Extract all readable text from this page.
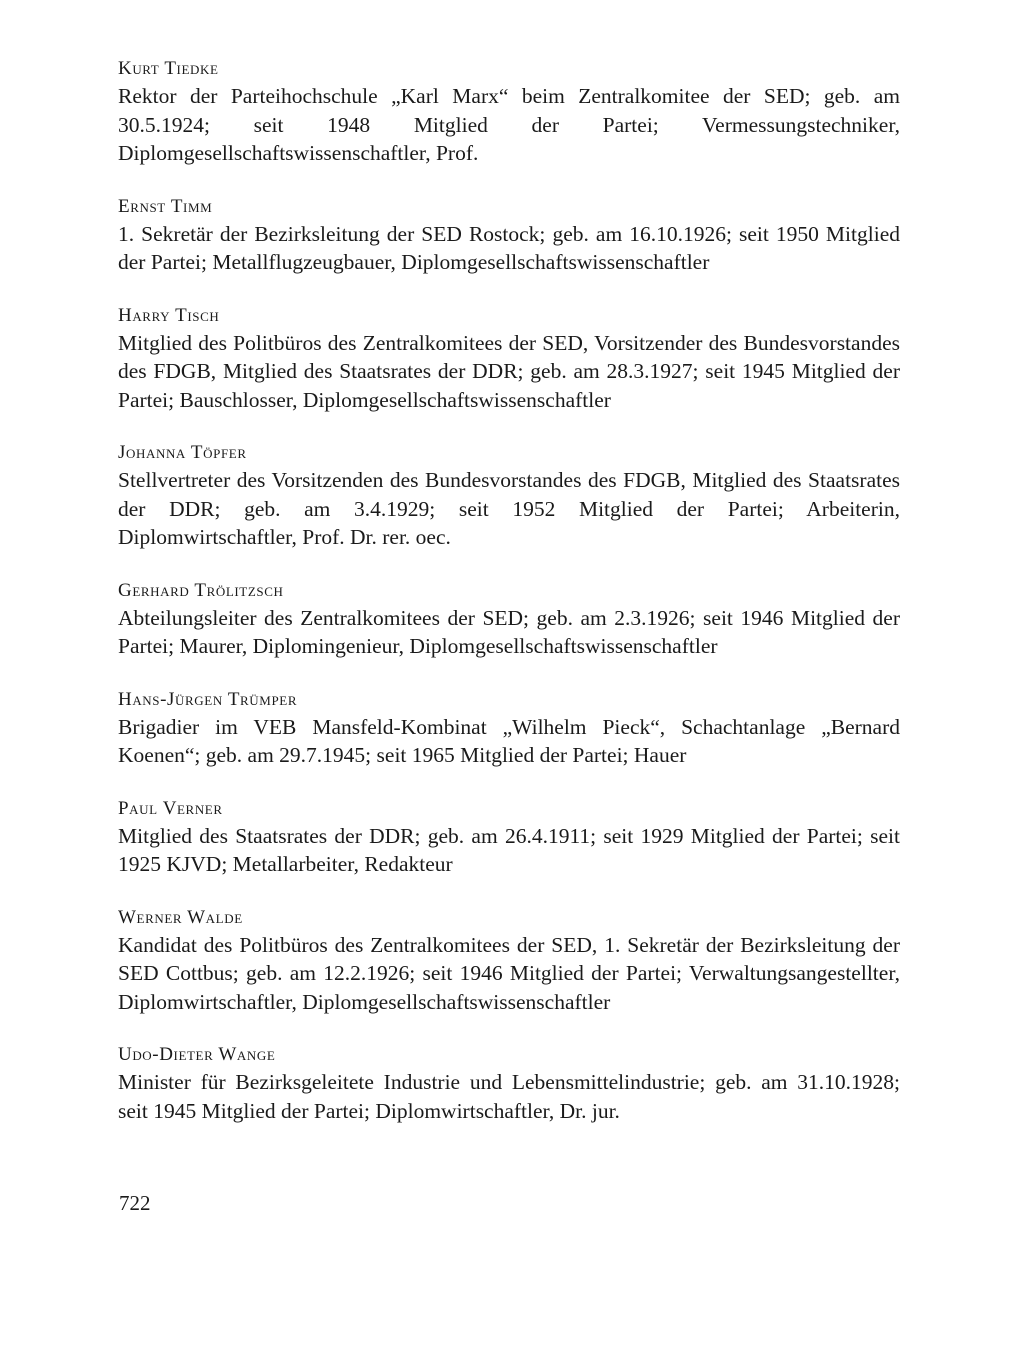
Kurt Tiedke

Rektor der Parteihochschule „Karl Marx“ beim Zentralkomitee der SED; geb. am 30.5.1924; seit 1948 Mitglied der Partei; Vermessungstechniker, Diplomgesellschaftswissenschaftler, Prof.

Ernst Timm

1. Sekretär der Bezirksleitung der SED Rostock; geb. am 16.10.1926; seit 1950 Mitglied der Partei; Metallflugzeugbauer, Diplomgesellschaftswissenschaftler

Harry Tisch

Mitglied des Politbüros des Zentralkomitees der SED, Vorsitzender des Bundesvorstandes des FDGB, Mitglied des Staatsrates der DDR; geb. am 28.3.1927; seit 1945 Mitglied der Partei; Bauschlosser, Diplomgesellschaftswissenschaftler

Johanna Töpfer

Stellvertreter des Vorsitzenden des Bundesvorstandes des FDGB, Mitglied des Staatsrates der DDR; geb. am 3.4.1929; seit 1952 Mitglied der Partei; Arbeiterin, Diplomwirtschaftler, Prof. Dr. rer. oec.

Gerhard Trölitzsch

Abteilungsleiter des Zentralkomitees der SED; geb. am 2.3.1926; seit 1946 Mitglied der Partei; Maurer, Diplomingenieur, Diplomgesellschaftswissenschaftler

Hans-Jürgen Trümper

Brigadier im VEB Mansfeld-Kombinat „Wilhelm Pieck“, Schachtanlage „Bernard Koenen“; geb. am 29.7.1945; seit 1965 Mitglied der Partei; Hauer

Paul Verner

Mitglied des Staatsrates der DDR; geb. am 26.4.1911; seit 1929 Mitglied der Partei; seit 1925 KJVD; Metallarbeiter, Redakteur

Werner Walde

Kandidat des Politbüros des Zentralkomitees der SED, 1. Sekretär der Bezirksleitung der SED Cottbus; geb. am 12.2.1926; seit 1946 Mitglied der Partei; Verwaltungsangestellter, Diplomwirtschaftler, Diplomgesellschaftswissenschaftler

Udo-Dieter Wange

Minister für Bezirksgeleitete Industrie und Lebensmittelindustrie; geb. am 31.10.1928; seit 1945 Mitglied der Partei; Diplomwirtschaftler, Dr. jur.

722
